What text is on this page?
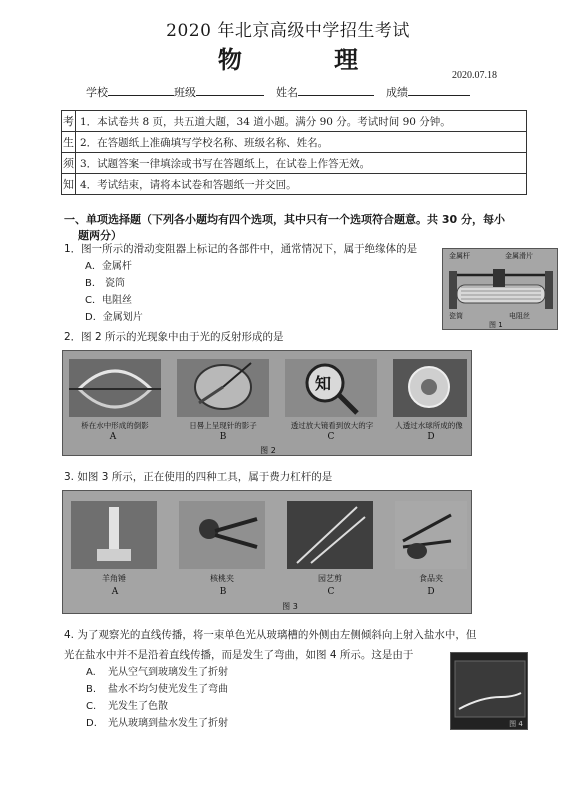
2020 年北京高级中学招生考试
物 理
2020.07.18
学校	班级	姓名	成绩
考	1．本试卷共 8 页，共五道大题，34 道小题。满分 90 分。考试时间 90 分钟。
生	2．在答题纸上准确填写学校名称、班级名称、姓名。
须	3．试题答案一律填涂或书写在答题纸上，在试卷上作答无效。
知	4．考试结束，请将本试卷和答题纸一并交回。
一、单项选择题（下列各小题均有四个选项，其中只有一个选项符合题意。共 30 分，每小
题两分）
1．图一所示的滑动变阻器上标记的各部件中，通常情况下，属于绝缘体的是
A．金属杆
B． 瓷筒
C．电阻丝
D．金属划片
金属杆	金属滑片
瓷筒	电阻丝
图 1
2．图 2 所示的光现象中由于光的反射形成的是
知
桥在水中形成的倒影	日晷上呈现针的影子	透过放大镜看到放大的字	人透过水球所成的像
A	B	C	D
图 2
3. 如图 3 所示，正在使用的四种工具，属于费力杠杆的是
羊角锤	核桃夹	园艺剪	食品夹
A	B	C	D
图 3
4. 为了观察光的直线传播，将一束单色光从玻璃槽的外侧由左侧倾斜向上射入盐水中，但
光在盐水中并不是沿着直线传播，而是发生了弯曲，如图 4 所示。这是由于
A.	光从空气到玻璃发生了折射
B.	盐水不均匀使光发生了弯曲
C.	光发生了色散
D.	光从玻璃到盐水发生了折射	图 4
